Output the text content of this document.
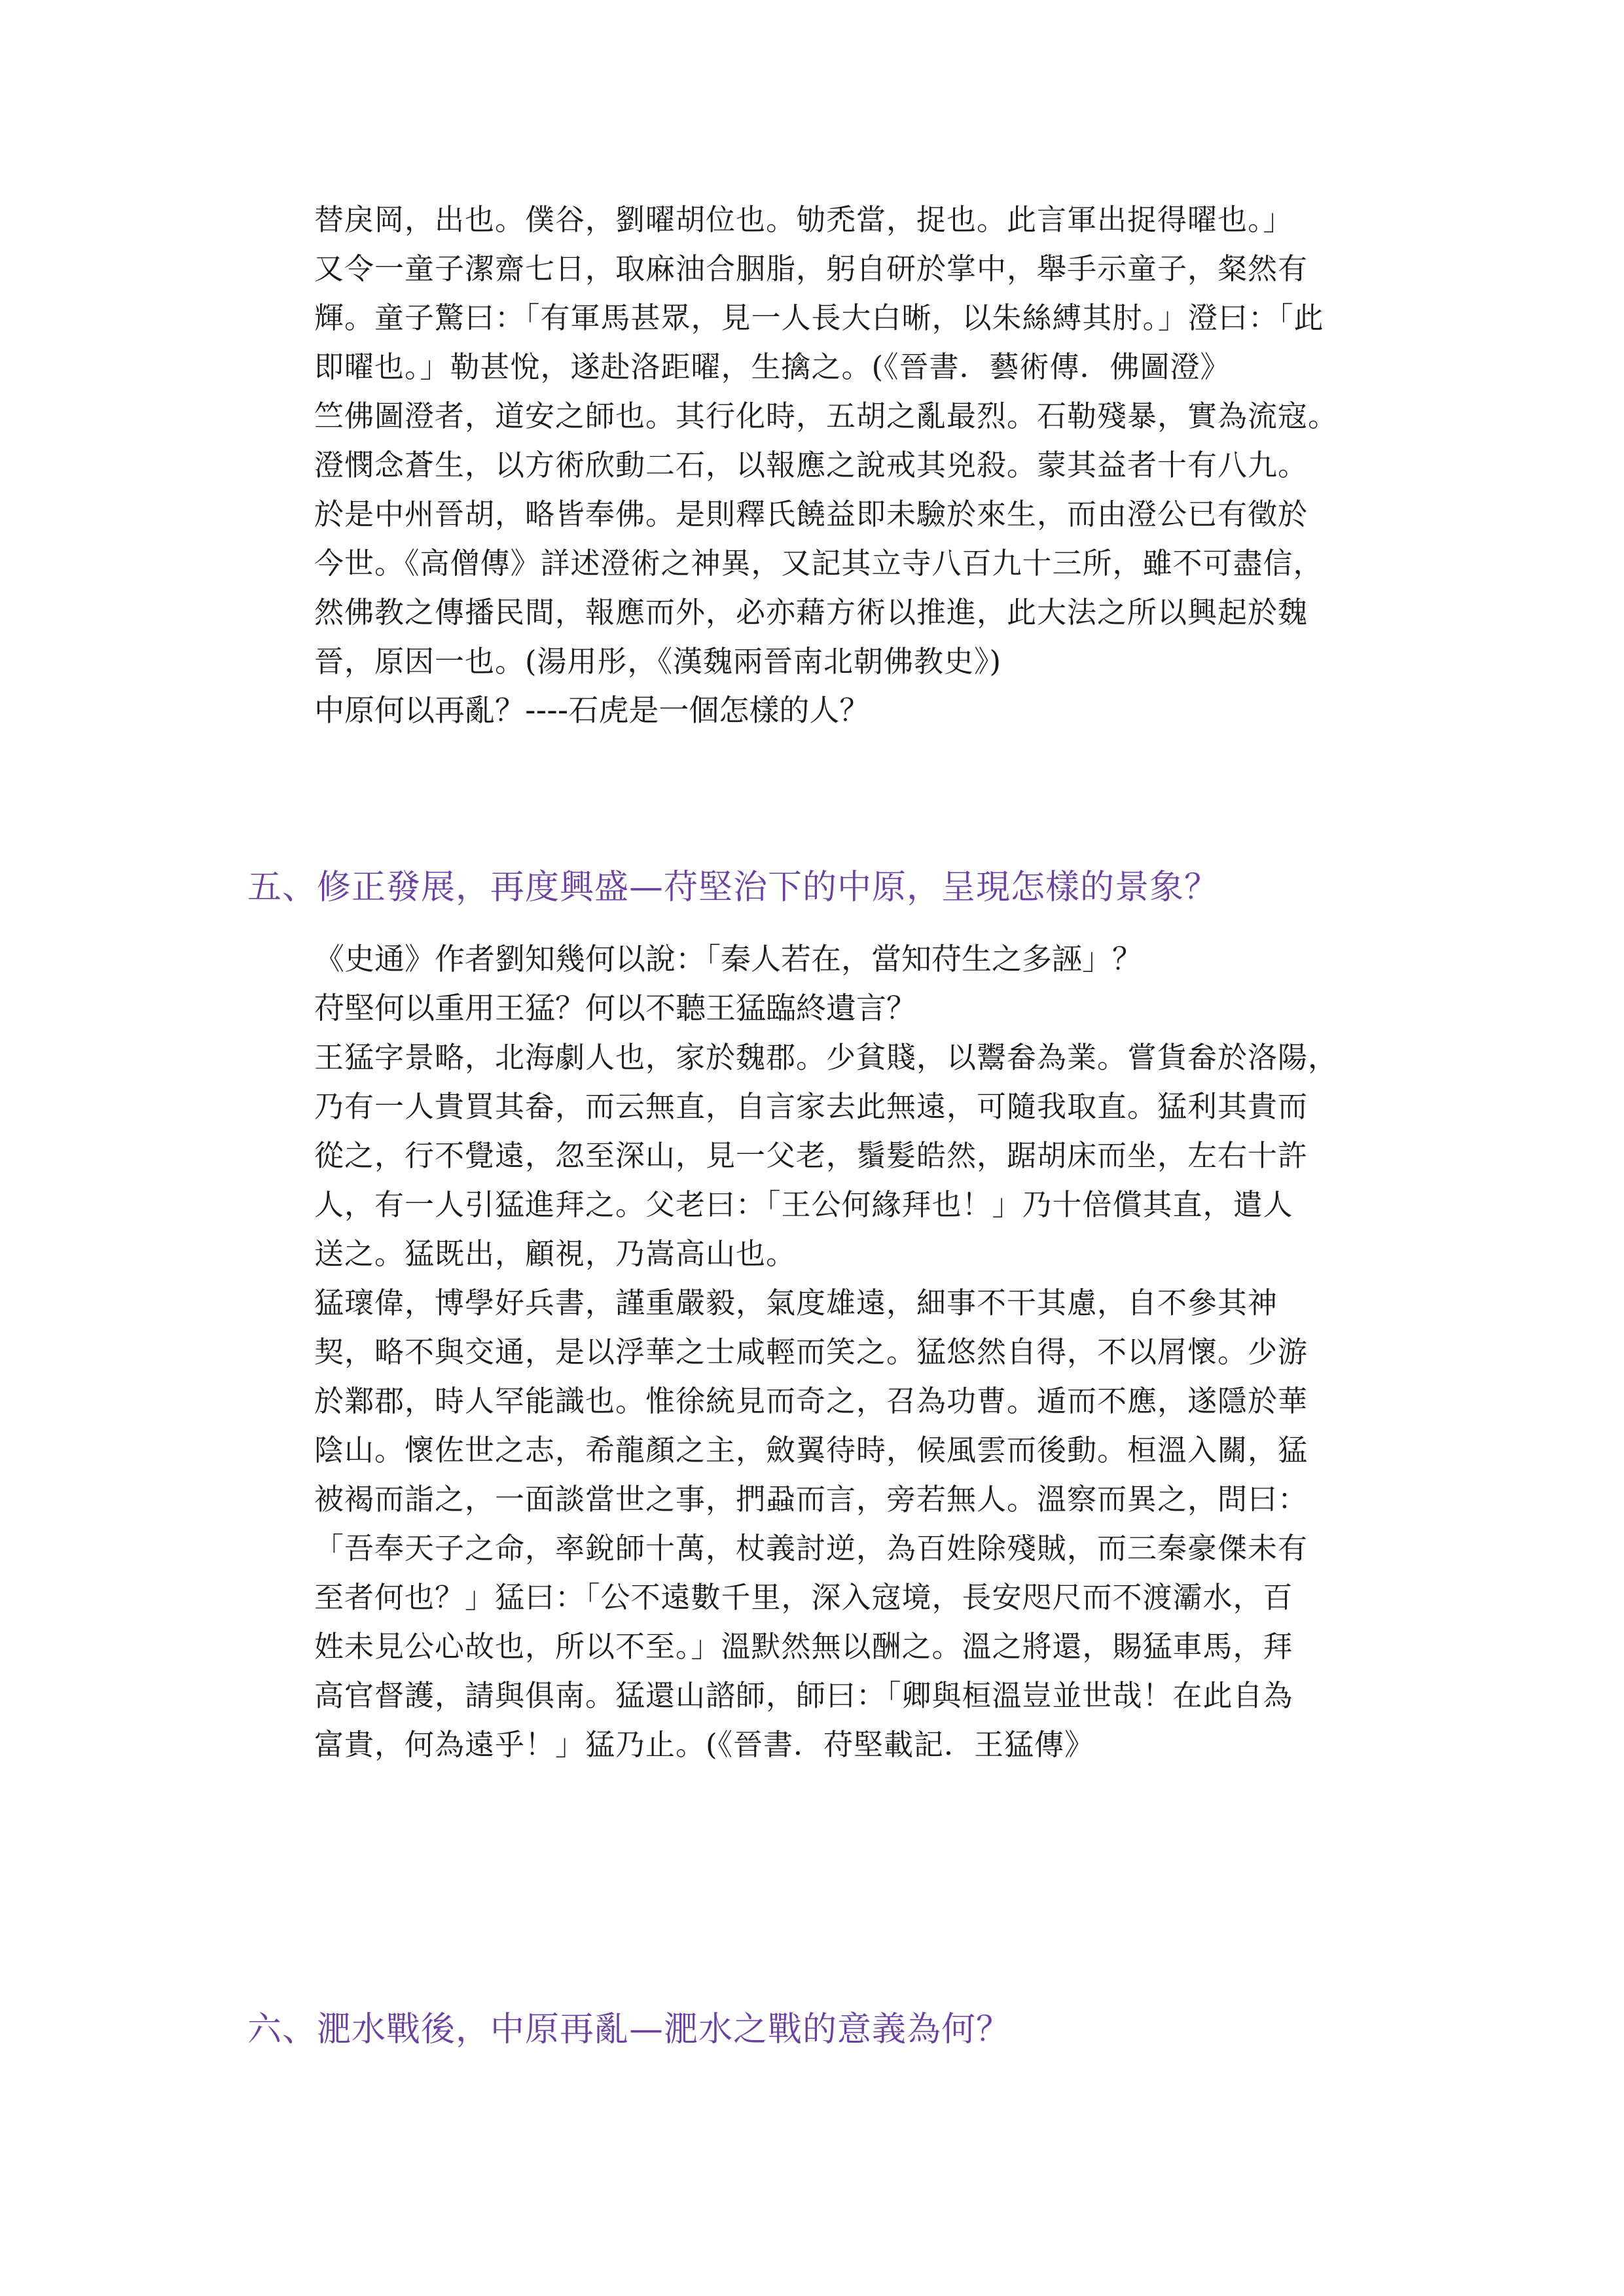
替戾岡，出也。僕谷，劉曜胡位也。劬禿當，捉也。此言軍出捉得曜也。」
又令一童子潔齋七日，取麻油合胭脂，躬自研於掌中，舉手示童子，粲然有
輝。童子驚曰：「有軍馬甚眾，見一人長大白晰，以朱絲縛其肘。」澄曰：「此
即曜也。」勒甚悅，遂赴洛距曜，生擒之。(《晉書．藝術傳．佛圖澄》
竺佛圖澄者，道安之師也。其行化時，五胡之亂最烈。石勒殘暴，實為流寇。
澄憫念蒼生，以方術欣動二石，以報應之說戒其兇殺。蒙其益者十有八九。
於是中州晉胡，略皆奉佛。是則釋氏饒益即未驗於來生，而由澄公已有徵於
今世。《高僧傳》詳述澄術之神異，又記其立寺八百九十三所，雖不可盡信，
然佛教之傳播民間，報應而外，必亦藉方術以推進，此大法之所以興起於魏
晉，原因一也。(湯用彤，《漢魏兩晉南北朝佛教史》)
中原何以再亂？----石虎是一個怎樣的人？
五、修正發展，再度興盛—苻堅治下的中原，呈現怎樣的景象？
《史通》作者劉知幾何以說：「秦人若在，當知苻生之多誣」？
苻堅何以重用王猛？何以不聽王猛臨終遺言？
王猛字景略，北海劇人也，家於魏郡。少貧賤，以鬻畚為業。嘗貨畚於洛陽，
乃有一人貴買其畚，而云無直，自言家去此無遠，可隨我取直。猛利其貴而
從之，行不覺遠，忽至深山，見一父老，鬚髮皓然，踞胡床而坐，左右十許
人，有一人引猛進拜之。父老曰：「王公何緣拜也！」乃十倍償其直，遣人
送之。猛既出，顧視，乃嵩高山也。
猛瓌偉，博學好兵書，謹重嚴毅，氣度雄遠，細事不干其慮，自不參其神
契，略不與交通，是以浮華之士咸輕而笑之。猛悠然自得，不以屑懷。少游
於鄴郡，時人罕能識也。惟徐統見而奇之，召為功曹。遁而不應，遂隱於華
陰山。懷佐世之志，希龍顏之主，斂翼待時，候風雲而後動。桓溫入關，猛
被褐而詣之，一面談當世之事，捫蝨而言，旁若無人。溫察而異之，問曰：
「吾奉天子之命，率銳師十萬，杖義討逆，為百姓除殘賊，而三秦豪傑未有
至者何也？」猛曰：「公不遠數千里，深入寇境，長安咫尺而不渡灞水，百
姓未見公心故也，所以不至。」溫默然無以酬之。溫之將還，賜猛車馬，拜
高官督護，請與俱南。猛還山諮師，師曰：「卿與桓溫豈並世哉！在此自為
富貴，何為遠乎！」猛乃止。(《晉書．苻堅載記．王猛傳》
六、淝水戰後，中原再亂—淝水之戰的意義為何？
